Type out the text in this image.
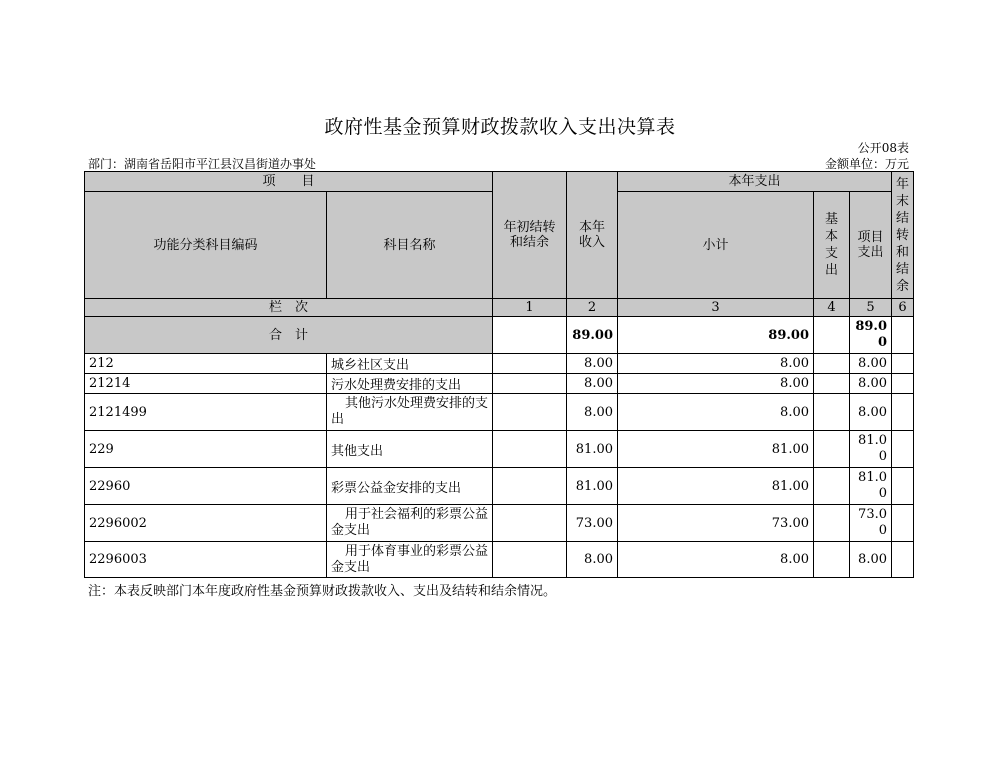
政府性基金预算财政拨款收入支出决算表
公开08表
部门：湖南省岳阳市平江县汉昌街道办事处	金额单位：万元
项　　目		年初结转和结余	本年收入	本年支出			年末结转和结余

功能分类科目编码	科目名称			小计	基本支出	项目支出	

栏　次		1	2	3	4	5	6
合　计			89.00	89.00		89.00	
212	城乡社区支出		8.00	8.00		8.00	
21214	污水处理费安排的支出		8.00	8.00		8.00	
2121499	其他污水处理费安排的支出		8.00	8.00		8.00	
229	其他支出		81.00	81.00		81.00	
22960	彩票公益金安排的支出		81.00	81.00		81.00	
2296002	用于社会福利的彩票公益金支出		73.00	73.00		73.00	
2296003	用于体育事业的彩票公益金支出		8.00	8.00		8.00	
注：本表反映部门本年度政府性基金预算财政拨款收入、支出及结转和结余情况。
